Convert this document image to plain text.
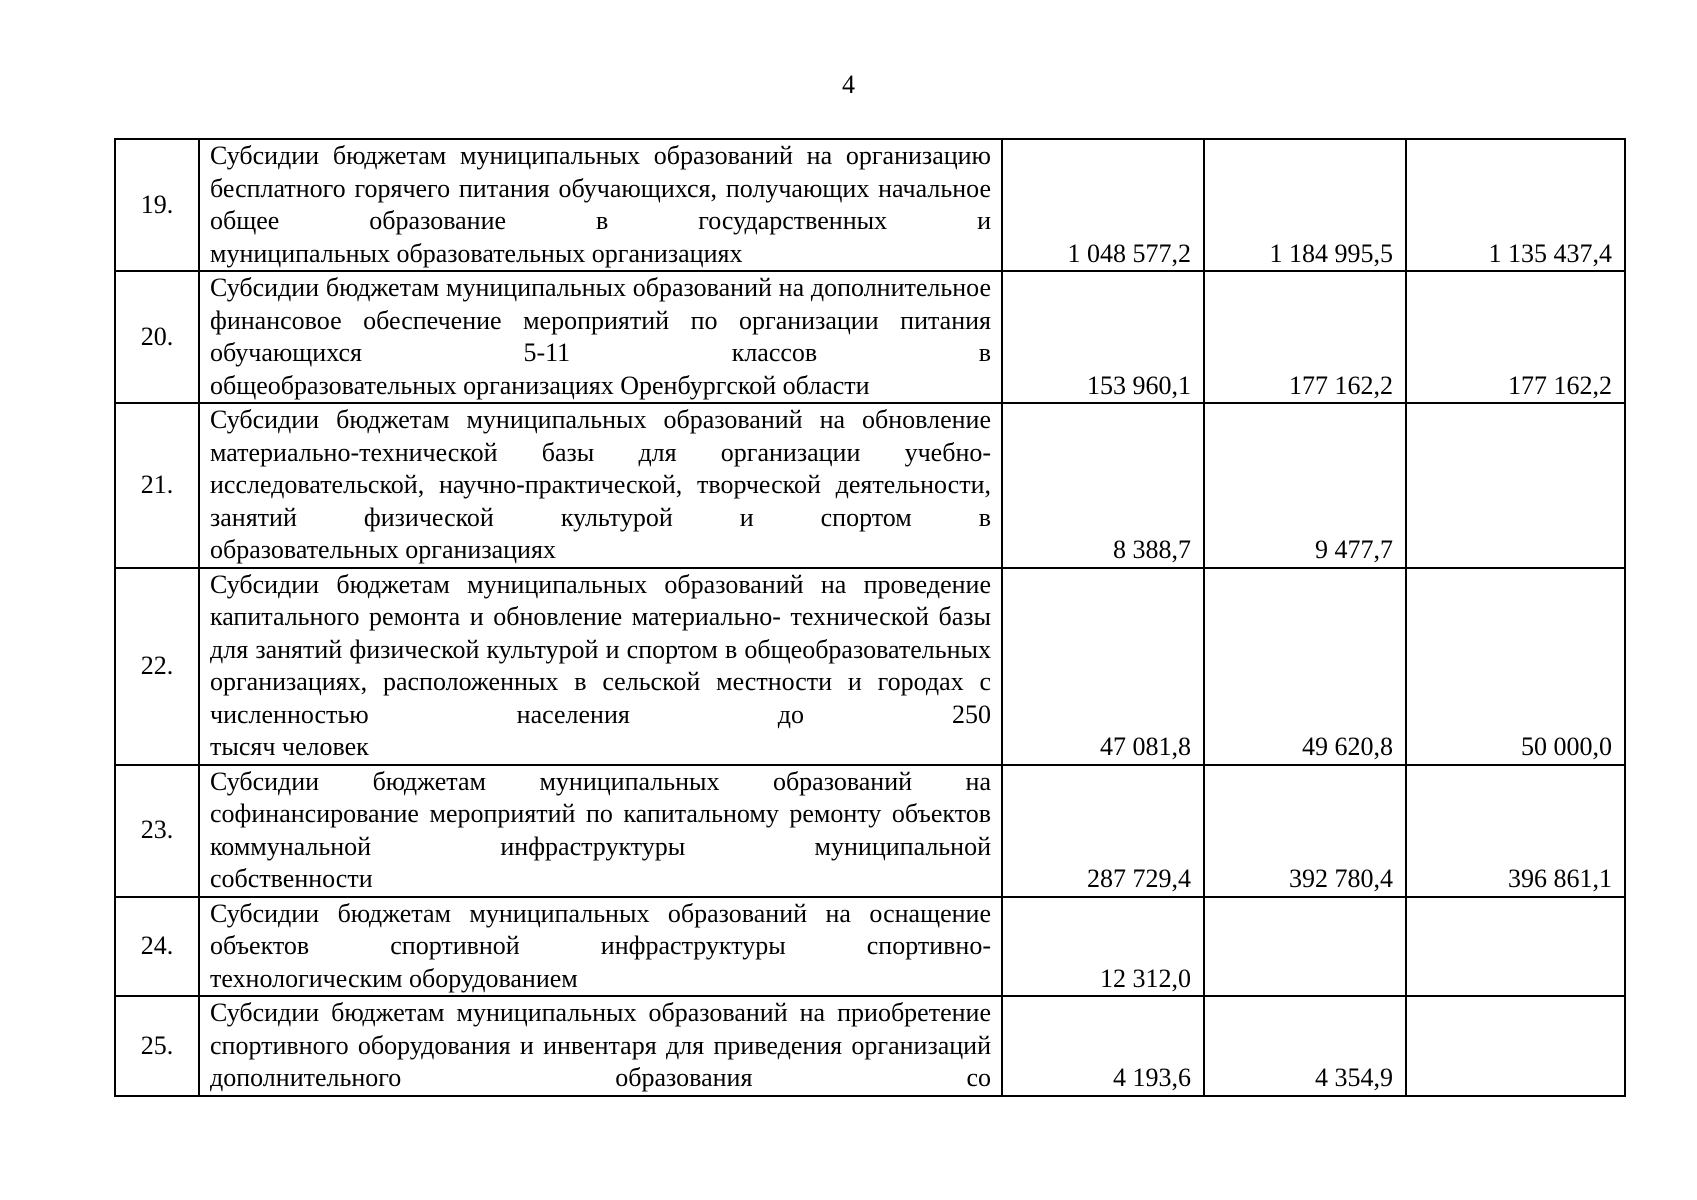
4
19.	Субсидии бюджетам муниципальных образований на организацию бесплатного горячего питания обучающихся, получающих начальное общее образование в государственных и
муниципальных образовательных организациях	1 048 577,2	1 184 995,5	1 135 437,4
20.	Субсидии бюджетам муниципальных образований на дополнительное финансовое обеспечение мероприятий по организации питания обучающихся 5-11 классов в
общеобразовательных организациях Оренбургской области	153 960,1	177 162,2	177 162,2
21.	Субсидии бюджетам муниципальных образований на обновление материально-технической базы для организации учебно-исследовательской, научно-практической, творческой деятельности, занятий физической культурой и спортом в
образовательных организациях	8 388,7	9 477,7	
22.	Субсидии бюджетам муниципальных образований на проведение капитального ремонта и обновление материально- технической базы для занятий физической культурой и спортом в общеобразовательных организациях, расположенных в сельской местности и городах с численностью населения до 250
тысяч человек	47 081,8	49 620,8	50 000,0
23.	Субсидии бюджетам муниципальных образований на софинансирование мероприятий по капитальному ремонту объектов коммунальной инфраструктуры муниципальной
собственности	287 729,4	392 780,4	396 861,1
24.	Субсидии бюджетам муниципальных образований на оснащение объектов спортивной инфраструктуры спортивно-
технологическим оборудованием	12 312,0		
25.	Субсидии бюджетам муниципальных образований на приобретение спортивного оборудования и инвентаря для приведения организаций дополнительного образования со	4 193,6	4 354,9	
